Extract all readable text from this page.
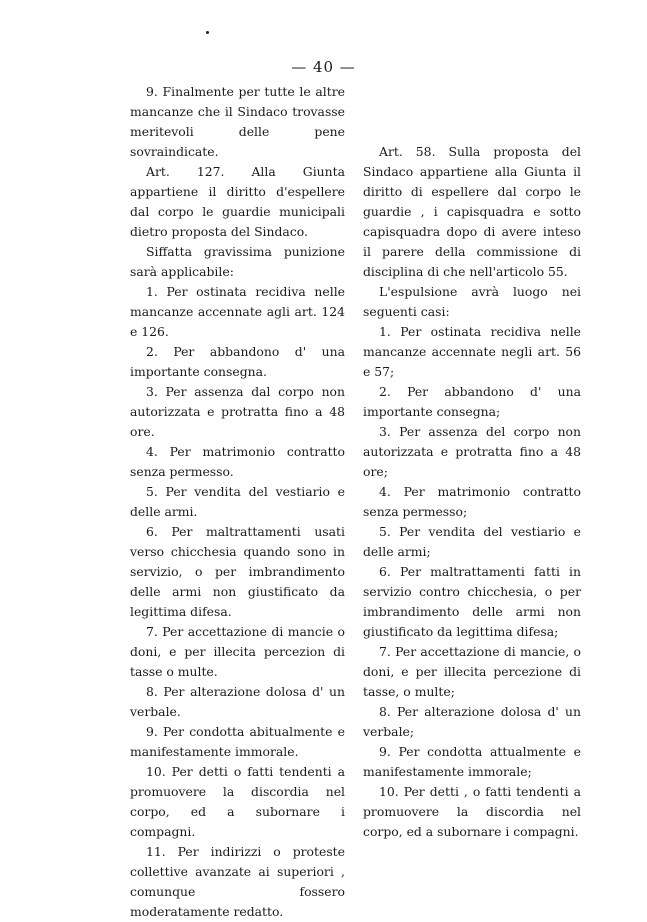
— 40 —

9. Finalmente per tutte le altre mancanze che il Sindaco trovasse meritevoli delle pene sovraindicate.

Art. 127. Alla Giunta appartiene il diritto d'espellere dal corpo le guardie municipali dietro proposta del Sindaco.

Siffatta gravissima punizione sarà applicabile:

1. Per ostinata recidiva nelle mancanze accennate agli art. 124 e 126.

2. Per abbandono d' una importante consegna.

3. Per assenza dal corpo non autorizzata e protratta fino a 48 ore.

4. Per matrimonio contratto senza permesso.

5. Per vendita del vestiario e delle armi.

6. Per maltrattamenti usati verso chicchesia quando sono in servizio, o per imbrandimento delle armi non giustificato da legittima difesa.

7. Per accettazione di mancie o doni, e per illecita percezion di tasse o multe.

8. Per alterazione dolosa d' un verbale.

9. Per condotta abitualmente e manifestamente immorale.

10. Per detti o fatti tendenti a promuovere la discordia nel corpo, ed a subornare i compagni.

11. Per indirizzi o proteste collettive avanzate ai superiori , comunque fossero moderatamente redatto.

Art. 58. Sulla proposta del Sindaco appartiene alla Giunta il diritto di espellere dal corpo le guardie , i capisquadra e sotto capisquadra dopo di avere inteso il parere della commissione di disciplina di che nell'articolo 55.

L'espulsione avrà luogo nei seguenti casi:

1. Per ostinata recidiva nelle mancanze accennate negli art. 56 e 57;

2. Per abbandono d' una importante consegna;

3. Per assenza del corpo non autorizzata e protratta fino a 48 ore;

4. Per matrimonio contratto senza permesso;

5. Per vendita del vestiario e delle armi;

6. Per maltrattamenti fatti in servizio contro chicchesia, o per imbrandimento delle armi non giustificato da legittima difesa;

7. Per accettazione di mancie, o doni, e per illecita percezione di tasse, o multe;

8. Per alterazione dolosa d' un verbale;

9. Per condotta attualmente e manifestamente immorale;

10. Per detti , o fatti tendenti a promuovere la discordia nel corpo, ed a subornare i compagni.
